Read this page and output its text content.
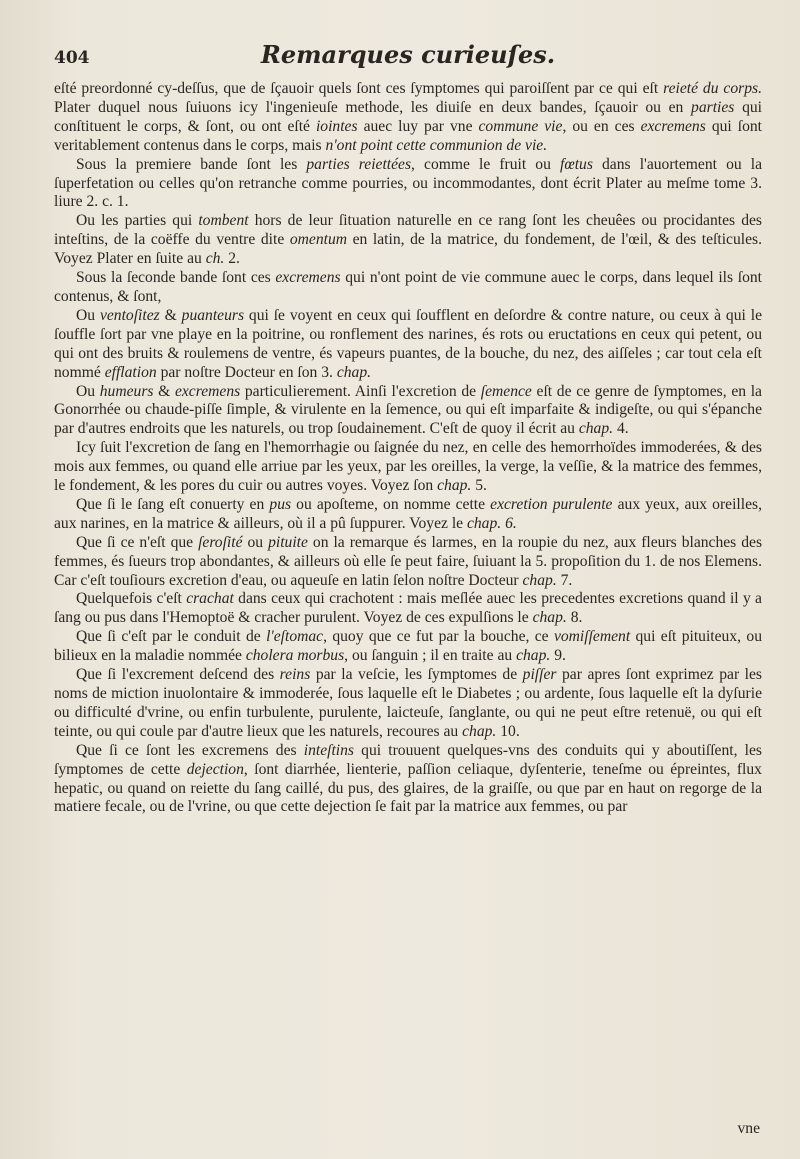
404	Remarques curieuſes.

eſté preordonné cy-deſſus, que de ſçauoir quels ſont ces ſymptomes qui paroiſſent par ce qui eſt reieté du corps. Plater duquel nous ſuiuons icy l'ingenieuſe methode, les diuiſe en deux bandes, ſçauoir ou en parties qui conſtituent le corps, & ſont, ou ont eſté iointes auec luy par vne commune vie, ou en ces excremens qui ſont veritablement contenus dans le corps, mais n'ont point cette communion de vie.

Sous la premiere bande ſont les parties reiettées, comme le fruit ou fœtus dans l'auortement ou la ſuperfetation ou celles qu'on retranche comme pourries, ou incommodantes, dont écrit Plater au meſme tome 3. liure 2. c. 1.

Ou les parties qui tombent hors de leur ſituation naturelle en ce rang ſont les cheuêes ou procidantes des inteſtins, de la coëffe du ventre dite omentum en latin, de la matrice, du fondement, de l'œil, & des teſticules. Voyez Plater en ſuite au ch. 2.

Sous la ſeconde bande ſont ces excremens qui n'ont point de vie commune auec le corps, dans lequel ils ſont contenus, & ſont,

Ou ventoſitez & puanteurs qui ſe voyent en ceux qui ſoufflent en deſordre & contre nature, ou ceux à qui le ſouffle ſort par vne playe en la poitrine, ou ronflement des narines, és rots ou eructations en ceux qui petent, ou qui ont des bruits & roulemens de ventre, és vapeurs puantes, de la bouche, du nez, des aiſſeles ; car tout cela eſt nommé efflation par noſtre Docteur en ſon 3. chap.

Ou humeurs & excremens particulierement. Ainſi l'excretion de ſemence eſt de ce genre de ſymptomes, en la Gonorrhée ou chaude-piſſe ſimple, & virulente en la ſemence, ou qui eſt imparfaite & indigeſte, ou qui s'épanche par d'autres endroits que les naturels, ou trop ſoudainement. C'eſt de quoy il écrit au chap. 4.

Icy ſuit l'excretion de ſang en l'hemorrhagie ou ſaignée du nez, en celle des hemorrhoïdes immoderées, & des mois aux femmes, ou quand elle arriue par les yeux, par les oreilles, la verge, la veſſie, & la matrice des femmes, le fondement, & les pores du cuir ou autres voyes. Voyez ſon chap. 5.

Que ſi le ſang eſt conuerty en pus ou apoſteme, on nomme cette excretion purulente aux yeux, aux oreilles, aux narines, en la matrice & ailleurs, où il a pû ſuppurer. Voyez le chap. 6.

Que ſi ce n'eſt que ſeroſité ou pituite on la remarque és larmes, en la roupie du nez, aux fleurs blanches des femmes, és ſueurs trop abondantes, & ailleurs où elle ſe peut faire, ſuiuant la 5. propoſition du 1. de nos Elemens. Car c'eſt touſiours excretion d'eau, ou aqueuſe en latin ſelon noſtre Docteur chap. 7.

Quelquefois c'eſt crachat dans ceux qui crachotent : mais meſlée auec les precedentes excretions quand il y a ſang ou pus dans l'Hemoptoë & cracher purulent. Voyez de ces expulſions le chap. 8.

Que ſi c'eſt par le conduit de l'eſtomac, quoy que ce fut par la bouche, ce vomiſſement qui eſt pituiteux, ou bilieux en la maladie nommée cholera morbus, ou ſanguin ; il en traite au chap. 9.

Que ſi l'excrement deſcend des reins par la veſcie, les ſymptomes de piſſer par apres ſont exprimez par les noms de miction inuolontaire & immoderée, ſous laquelle eſt le Diabetes ; ou ardente, ſous laquelle eſt la dyſurie ou difficulté d'vrine, ou enfin turbulente, purulente, laicteuſe, ſanglante, ou qui ne peut eſtre retenuë, ou qui eſt teinte, ou qui coule par d'autre lieux que les naturels, recoures au chap. 10.

Que ſi ce ſont les excremens des inteſtins qui trouuent quelques-vns des conduits qui y aboutiſſent, les ſymptomes de cette dejection, ſont diarrhée, lienterie, paſſion celiaque, dyſenterie, teneſme ou épreintes, flux hepatic, ou quand on reiette du ſang caillé, du pus, des glaires, de la graiſſe, ou que par en haut on regorge de la matiere fecale, ou de l'vrine, ou que cette dejection ſe fait par la matrice aux femmes, ou par

vne
